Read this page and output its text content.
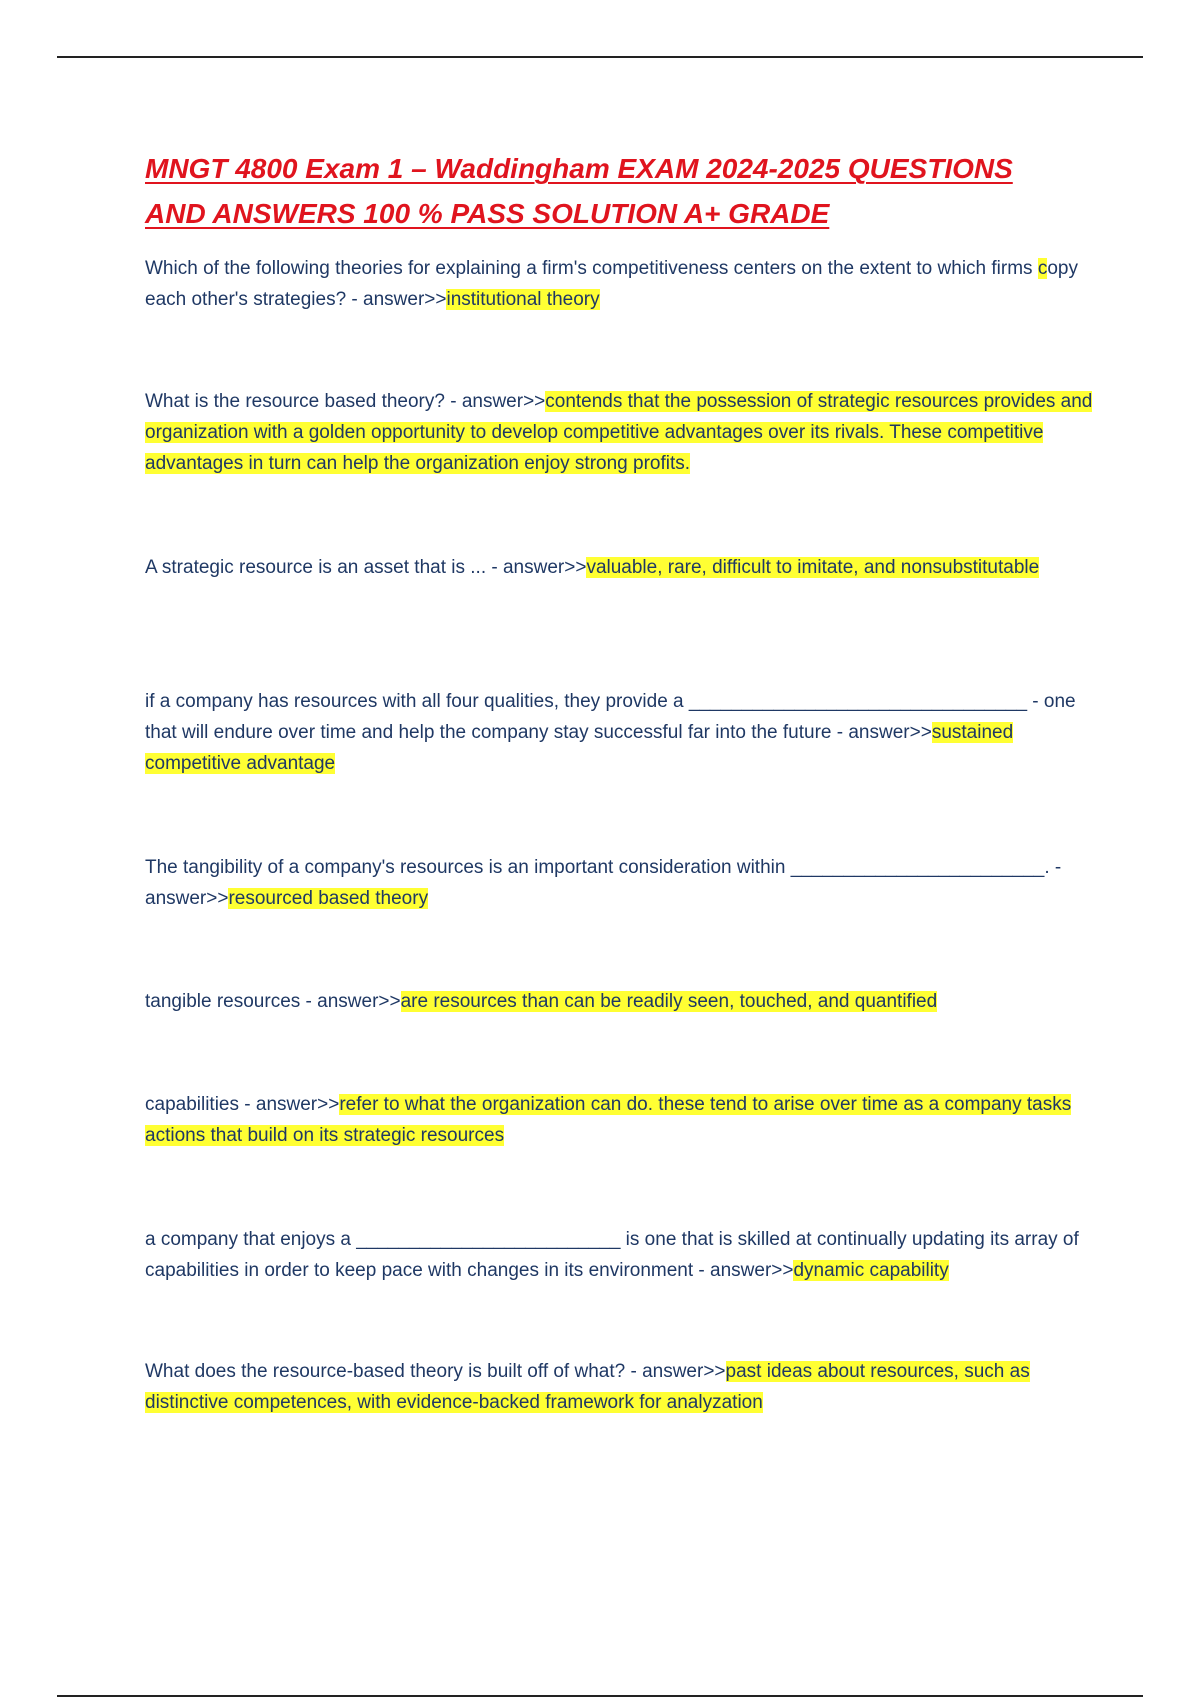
MNGT 4800 Exam 1 – Waddingham EXAM 2024-2025 QUESTIONS
AND ANSWERS 100 % PASS SOLUTION A+ GRADE

Which of the following theories for explaining a firm's competitiveness centers on the extent to which firms copy each other's strategies? - answer>>institutional theory

What is the resource based theory? - answer>>contends that the possession of strategic resources provides and organization with a golden opportunity to develop competitive advantages over its rivals. These competitive advantages in turn can help the organization enjoy strong profits.

A strategic resource is an asset that is ... - answer>>valuable, rare, difficult to imitate, and nonsubstitutable

if a company has resources with all four qualities, they provide a ________________________________ - one that will endure over time and help the company stay successful far into the future - answer>>sustained competitive advantage

The tangibility of a company's resources is an important consideration within ________________________. - answer>>resourced based theory

tangible resources - answer>>are resources than can be readily seen, touched, and quantified

capabilities - answer>>refer to what the organization can do. these tend to arise over time as a company tasks actions that build on its strategic resources

a company that enjoys a _________________________ is one that is skilled at continually updating its array of capabilities in order to keep pace with changes in its environment - answer>>dynamic capability

What does the resource-based theory is built off of what? - answer>>past ideas about resources, such as distinctive competences, with evidence-backed framework for analyzation
